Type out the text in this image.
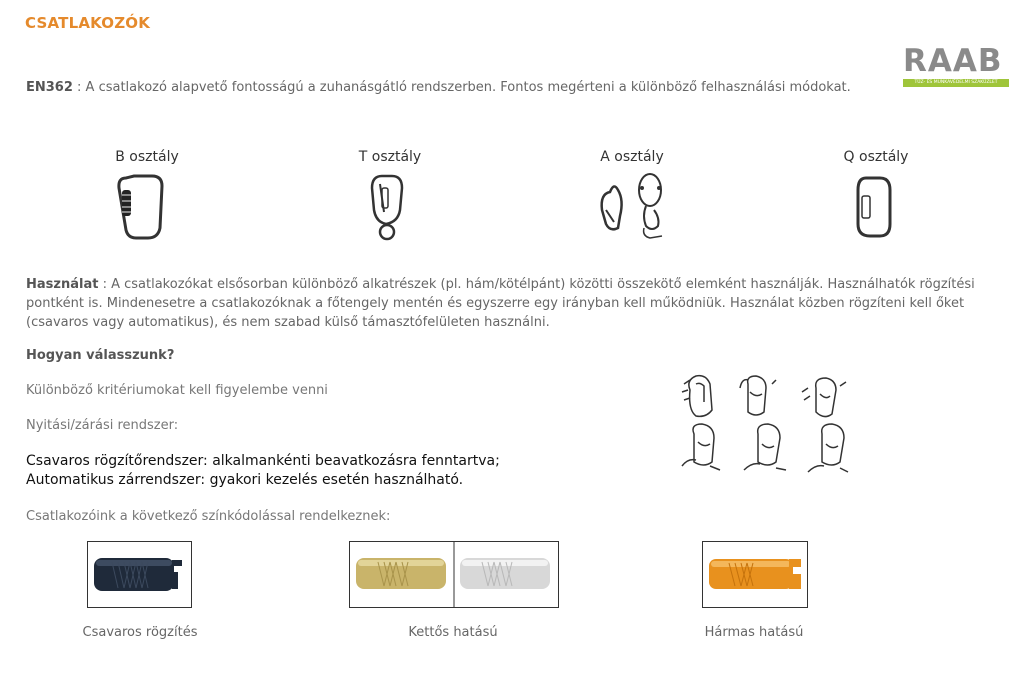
CSATLAKOZÓK
RAAB
TŰZ- ÉS MUNKAVÉDELMI SZAKÜZLET
EN362 : A csatlakozó alapvető fontosságú a zuhanásgátló rendszerben. Fontos megérteni a különböző felhasználási módokat.
B osztály	T osztály	A osztály	Q osztály
Használat : A csatlakozókat elsősorban különböző alkatrészek (pl. hám/kötélpánt) közötti összekötő elemként használják. Használhatók rögzítési pontként is. Mindenesetre a csatlakozóknak a főtengely mentén és egyszerre egy irányban kell működniük. Használat közben rögzíteni kell őket (csavaros vagy automatikus), és nem szabad külső támasztófelületen használni.
Hogyan válasszunk?
Különböző kritériumokat kell figyelembe venni
Nyitási/zárási rendszer:
Csavaros rögzítőrendszer: alkalmankénti beavatkozásra fenntartva;
Automatikus zárrendszer: gyakori kezelés esetén használható.
Csatlakozóink a következő színkódolással rendelkeznek:
Csavaros rögzítés	Kettős hatású	Hármas hatású
